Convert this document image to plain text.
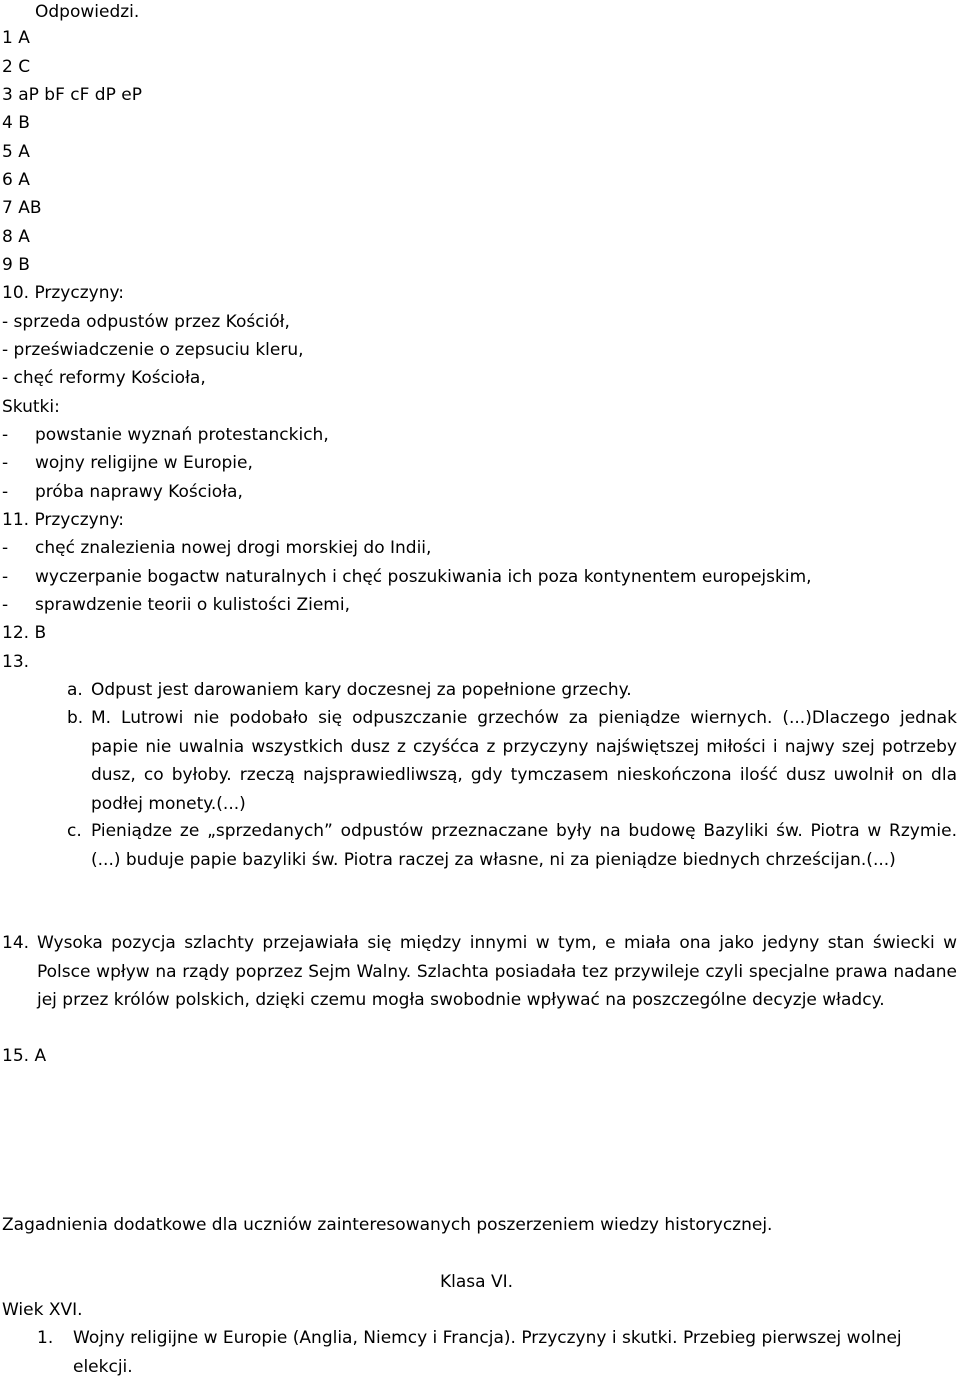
Odpowiedzi.
1 A
2 C
3 aP bF cF dP eP
4 B
5 A
6 A
7 AB
8 A
9 B
10. Przyczyny:
- sprzeda odpustów przez Kościół,
- przeświadczenie o zepsuciu kleru,
- chęć reformy Kościoła,
Skutki:
- powstanie wyznań protestanckich,
- wojny religijne w Europie,
- próba naprawy Kościoła,
11. Przyczyny:
- chęć znalezienia nowej drogi morskiej do Indii,
- wyczerpanie bogactw naturalnych i chęć poszukiwania ich poza kontynentem europejskim,
- sprawdzenie teorii o kulistości Ziemi,
12. B
13.
a. Odpust jest darowaniem kary doczesnej za popełnione grzechy.
b. M. Lutrowi nie podobało się odpuszczanie grzechów za pieniądze wiernych. (...)Dlaczego jednak papie nie uwalnia wszystkich dusz z czyśćca z przyczyny najświętszej miłości i najwy szej potrzeby dusz, co byłoby. rzeczą najsprawiedliwszą, gdy tymczasem nieskończona ilość dusz uwolnił on dla podłej monety.(...)
c. Pieniądze ze „sprzedanych” odpustów przeznaczane były na budowę Bazyliki św. Piotra w Rzymie.(...) buduje papie bazyliki św. Piotra raczej za własne, ni za pieniądze biednych chrześcijan.(...)
14. Wysoka pozycja szlachty przejawiała się między innymi w tym, e miała ona jako jedyny stan świecki w Polsce wpływ na rządy poprzez Sejm Walny. Szlachta posiadała tez przywileje czyli specjalne prawa nadane jej przez królów polskich, dzięki czemu mogła swobodnie wpływać na poszczególne decyzje władcy.
15. A
Zagadnienia dodatkowe dla uczniów zainteresowanych poszerzeniem wiedzy historycznej.
Klasa VI.
Wiek XVI.
1. Wojny religijne w Europie (Anglia, Niemcy i Francja). Przyczyny i skutki. Przebieg pierwszej wolnej elekcji.
